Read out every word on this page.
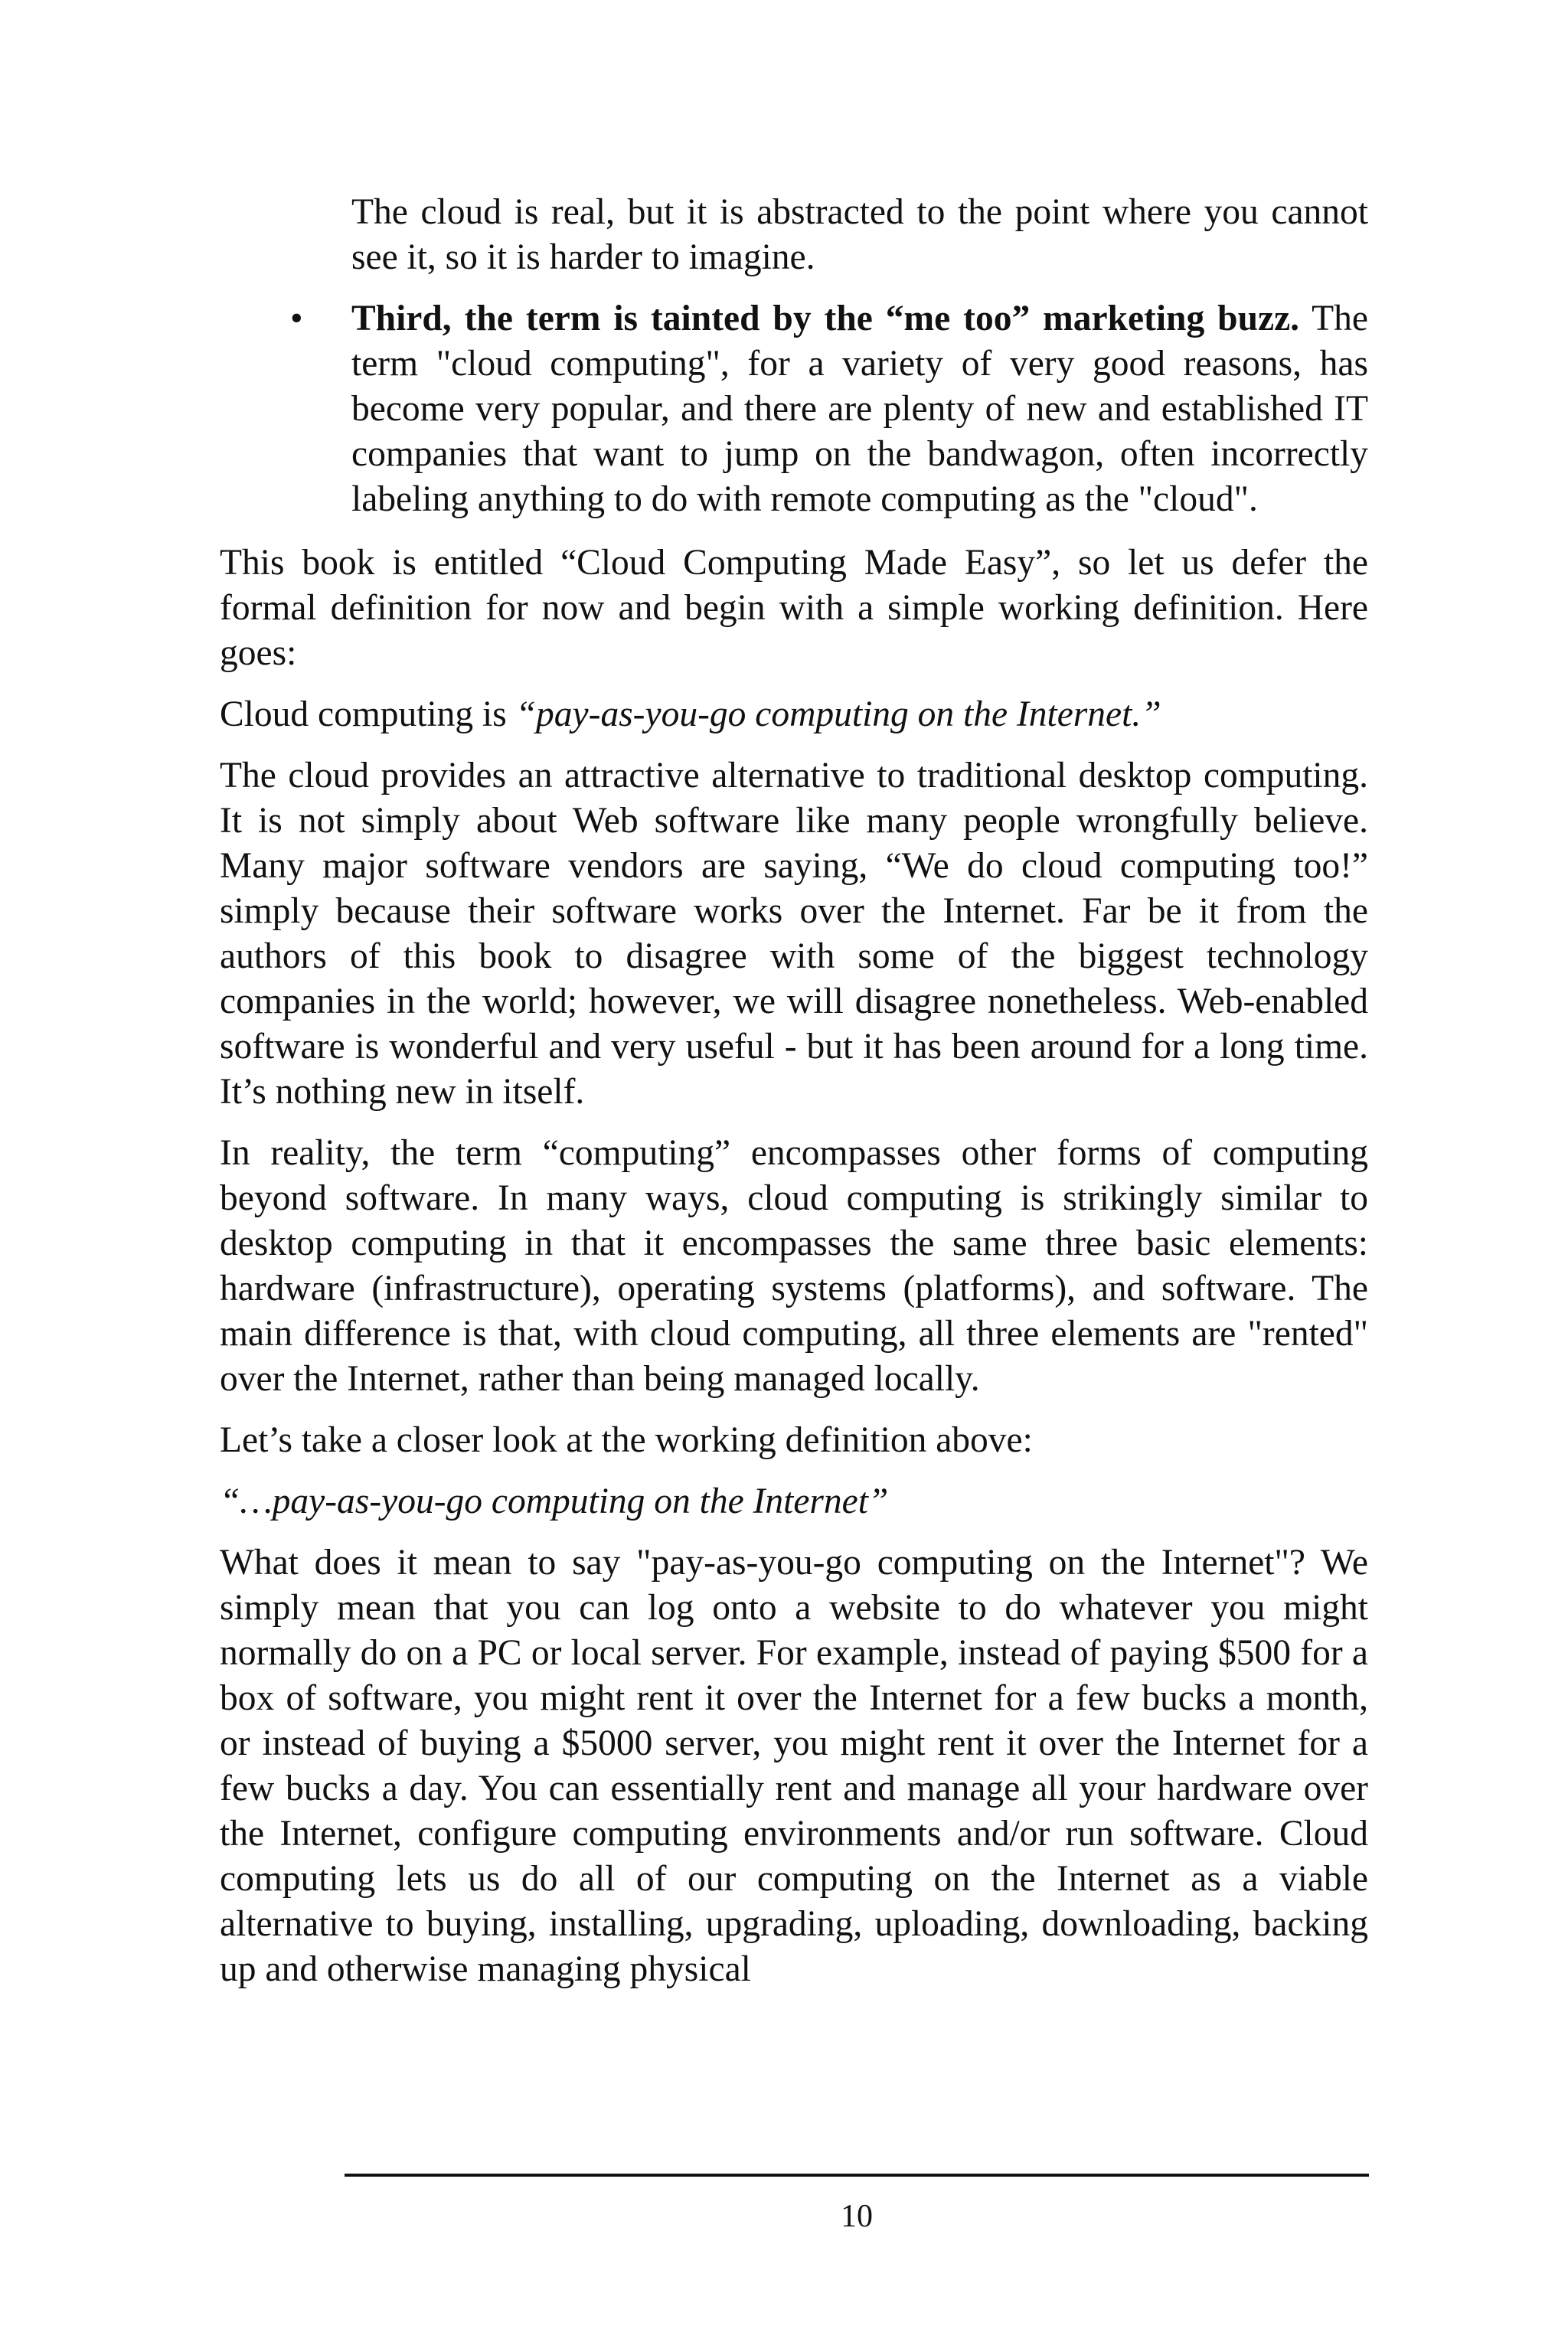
The cloud is real, but it is abstracted to the point where you cannot see it, so it is harder to imagine.

• Third, the term is tainted by the “me too” marketing buzz. The term "cloud computing", for a variety of very good reasons, has become very popular, and there are plenty of new and established IT companies that want to jump on the bandwagon, often incorrectly labeling anything to do with remote computing as the "cloud".

This book is entitled “Cloud Computing Made Easy”, so let us defer the formal definition for now and begin with a simple working definition. Here goes:

Cloud computing is “pay-as-you-go computing on the Internet.”

The cloud provides an attractive alternative to traditional desktop computing. It is not simply about Web software like many people wrongfully believe. Many major software vendors are saying, “We do cloud computing too!” simply because their software works over the Internet. Far be it from the authors of this book to disagree with some of the biggest technology companies in the world; however, we will disagree nonetheless. Web-enabled software is wonderful and very useful - but it has been around for a long time. It’s nothing new in itself.

In reality, the term “computing” encompasses other forms of computing beyond software. In many ways, cloud computing is strikingly similar to desktop computing in that it encompasses the same three basic elements: hardware (infrastructure), operating systems (platforms), and software. The main difference is that, with cloud computing, all three elements are "rented" over the Internet, rather than being managed locally.

Let’s take a closer look at the working definition above:

“…pay-as-you-go computing on the Internet”

What does it mean to say "pay-as-you-go computing on the Internet"? We simply mean that you can log onto a website to do whatever you might normally do on a PC or local server. For example, instead of paying $500 for a box of software, you might rent it over the Internet for a few bucks a month, or instead of buying a $5000 server, you might rent it over the Internet for a few bucks a day. You can essentially rent and manage all your hardware over the Internet, configure computing environments and/or run software. Cloud computing lets us do all of our computing on the Internet as a viable alternative to buying, installing, upgrading, uploading, downloading, backing up and otherwise managing physical

10
